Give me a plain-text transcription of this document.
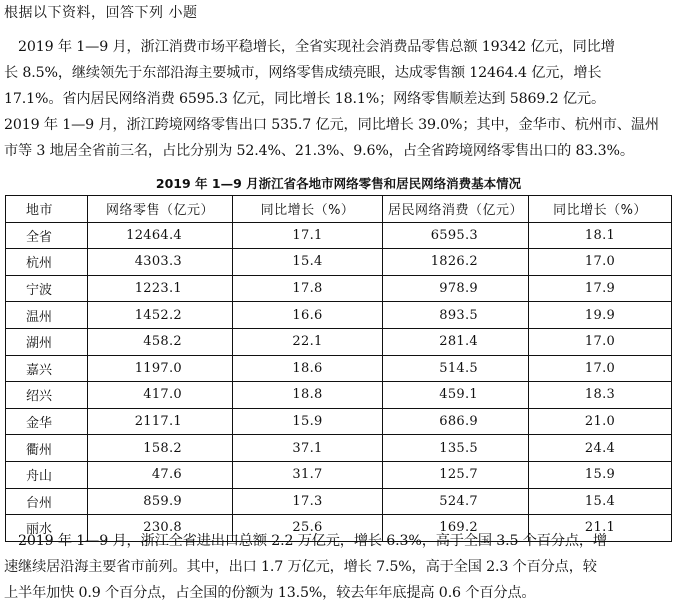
根据以下资料，回答下列 小题
　2019 年 1—9 月，浙江消费市场平稳增长，全省实现社会消费品零售总额 19342 亿元，同比增
长 8.5%，继续领先于东部沿海主要城市，网络零售成绩亮眼，达成零售额 12464.4 亿元，增长
17.1%。省内居民网络消费 6595.3 亿元，同比增长 18.1%；网络零售顺差达到 5869.2 亿元。
2019 年 1—9 月，浙江跨境网络零售出口 535.7 亿元，同比增长 39.0%；其中，金华市、杭州市、温州
市等 3 地居全省前三名，占比分别为 52.4%、21.3%、9.6%，占全省跨境网络零售出口的 83.3%。
2019 年 1—9 月浙江省各地市网络零售和居民网络消费基本情况
地市	网络零售（亿元）	同比增长（%）	居民网络消费（亿元）	同比增长（%）
全省	12464.4	17.1	6595.3	18.1
杭州	4303.3	15.4	1826.2	17.0
宁波	1223.1	17.8	978.9	17.9
温州	1452.2	16.6	893.5	19.9
湖州	458.2	22.1	281.4	17.0
嘉兴	1197.0	18.6	514.5	17.0
绍兴	417.0	18.8	459.1	18.3
金华	2117.1	15.9	686.9	21.0
衢州	158.2	37.1	135.5	24.4
舟山	47.6	31.7	125.7	15.9
台州	859.9	17.3	524.7	15.4
丽水	230.8	25.6	169.2	21.1
　2019 年 1—9 月，浙江全省进出口总额 2.2 万亿元，增长 6.3%，高于全国 3.5 个百分点，增
速继续居沿海主要省市前列。其中，出口 1.7 万亿元，增长 7.5%，高于全国 2.3 个百分点，较
上半年加快 0.9 个百分点，占全国的份额为 13.5%，较去年年底提高 0.6 个百分点。
